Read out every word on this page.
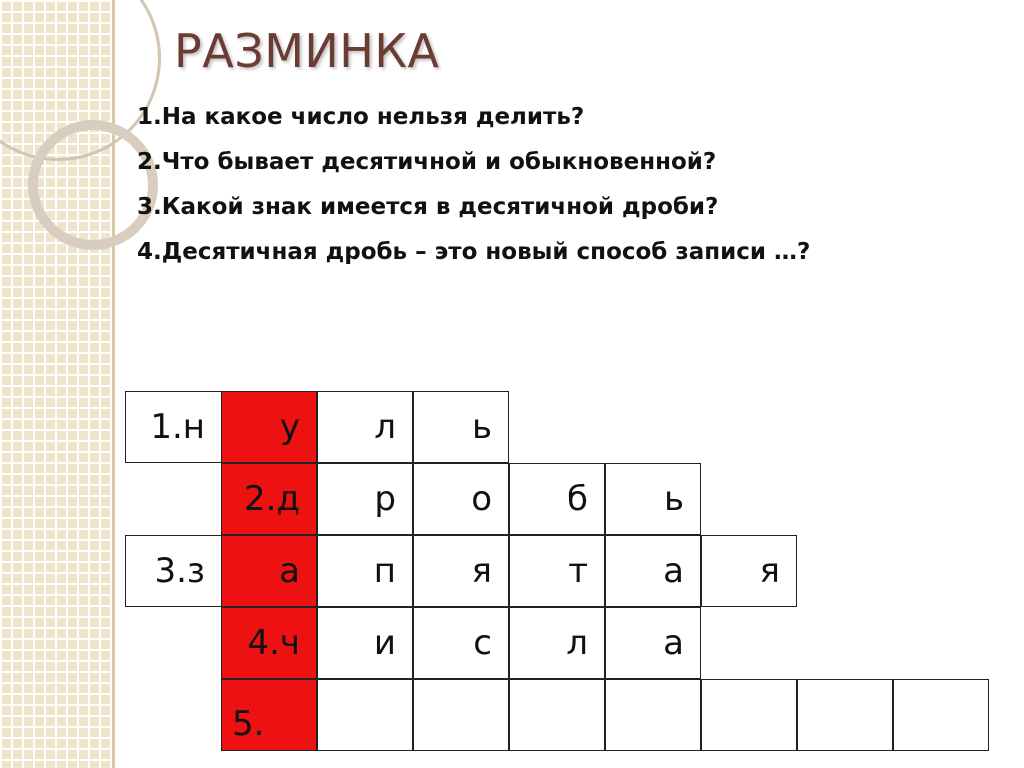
РАЗМИНКА
1.На какое число нельзя делить?
2.Что бывает десятичной и обыкновенной?
3.Какой знак имеется в десятичной дроби?
4.Десятичная дробь – это новый способ записи …?
1.н	у	л	ь
2.д	р	о	б	ь
3.з	а	п	я	т	а	я
4.ч	и	с	л	а
5.
